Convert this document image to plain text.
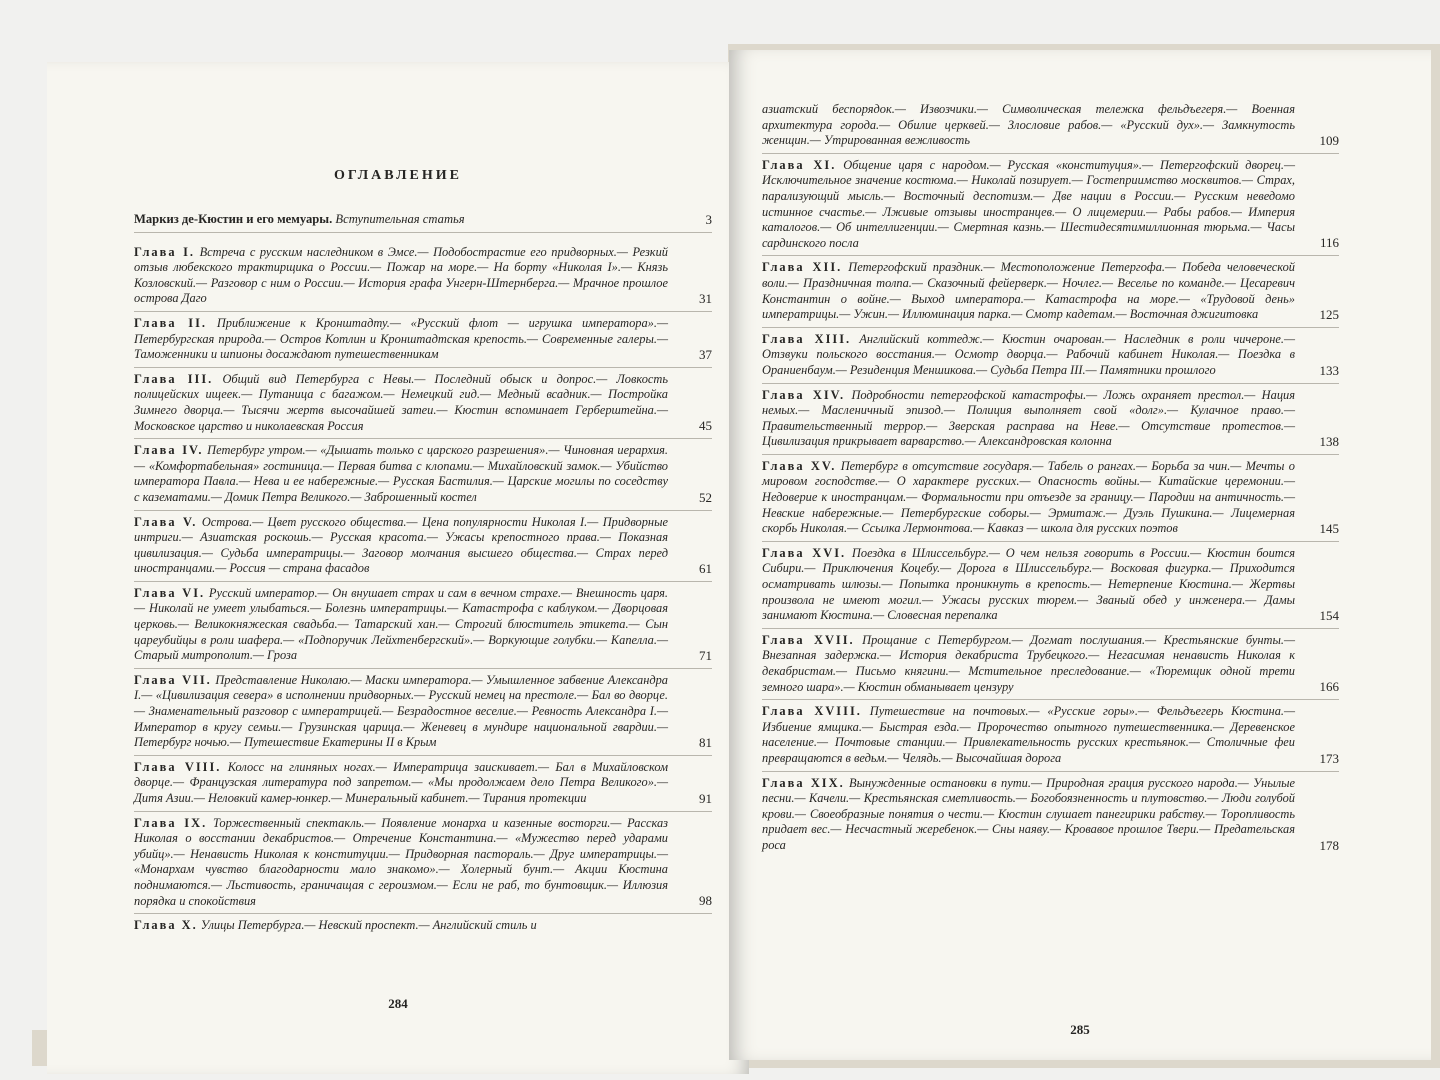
ОГЛАВЛЕНИЕ
Маркиз де-Кюстин и его мемуары. Вступительная статья	3
Глава I. Встреча с русским наследником в Эмсе.— Подобострастие его придворных.— Резкий отзыв любекского трактирщика о России.— Пожар на море.— На борту «Николая I».— Князь Козловский.— Разговор с ним о России.— История графа Унгерн-Штернберга.— Мрачное прошлое острова Даго	31
Глава II. Приближение к Кронштадту.— «Русский флот — игрушка императора».— Петербургская природа.— Остров Котлин и Кронштадтская крепость.— Современные галеры.— Таможенники и шпионы досаждают путешественникам	37
Глава III. Общий вид Петербурга с Невы.— Последний обыск и допрос.— Ловкость полицейских ищеек.— Путаница с багажом.— Немецкий гид.— Медный всадник.— Постройка Зимнего дворца.— Тысячи жертв высочайшей затеи.— Кюстин вспоминает Герберштейна.— Московское царство и николаевская Россия	45
Глава IV. Петербург утром.— «Дышать только с царского разрешения».— Чиновная иерархия.— «Комфортабельная» гостиница.— Первая битва с клопами.— Михайловский замок.— Убийство императора Павла.— Нева и ее набережные.— Русская Бастилия.— Царские могилы по соседству с казематами.— Домик Петра Великого.— Заброшенный костел	52
Глава V. Острова.— Цвет русского общества.— Цена популярности Николая I.— Придворные интриги.— Азиатская роскошь.— Русская красота.— Ужасы крепостного права.— Показная цивилизация.— Судьба императрицы.— Заговор молчания высшего общества.— Страх перед иностранцами.— Россия — страна фасадов	61
Глава VI. Русский император.— Он внушает страх и сам в вечном страхе.— Внешность царя.— Николай не умеет улыбаться.— Болезнь императрицы.— Катастрофа с каблуком.— Дворцовая церковь.— Великокняжеская свадьба.— Татарский хан.— Строгий блюститель этикета.— Сын цареубийцы в роли шафера.— «Подпоручик Лейхтенбергский».— Воркующие голубки.— Капелла.— Старый митрополит.— Гроза	71
Глава VII. Представление Николаю.— Маски императора.— Умышленное забвение Александра I.— «Цивилизация севера» в исполнении придворных.— Русский немец на престоле.— Бал во дворце.— Знаменательный разговор с императрицей.— Безрадостное веселие.— Ревность Александра I.— Император в кругу семьи.— Грузинская царица.— Женевец в мундире национальной гвардии.— Петербург ночью.— Путешествие Екатерины II в Крым	81
Глава VIII. Колосс на глиняных ногах.— Императрица заискивает.— Бал в Михайловском дворце.— Французская литература под запретом.— «Мы продолжаем дело Петра Великого».— Дитя Азии.— Неловкий камер-юнкер.— Минеральный кабинет.— Тирания протекции	91
Глава IX. Торжественный спектакль.— Появление монарха и казенные восторги.— Рассказ Николая о восстании декабристов.— Отречение Константина.— «Мужество перед ударами убийц».— Ненависть Николая к конституции.— Придворная пастораль.— Друг императрицы.— «Монархам чувство благодарности мало знакомо».— Холерный бунт.— Акции Кюстина поднимаются.— Льстивость, граничащая с героизмом.— Если не раб, то бунтовщик.— Иллюзия порядка и спокойствия	98
Глава X. Улицы Петербурга.— Невский проспект.— Английский стиль и
284
азиатский беспорядок.— Извозчики.— Символическая тележка фельдъегеря.— Военная архитектура города.— Обилие церквей.— Злословие рабов.— «Русский дух».— Замкнутость женщин.— Утрированная вежливость	109
Глава XI. Общение царя с народом.— Русская «конституция».— Петергофский дворец.— Исключительное значение костюма.— Николай позирует.— Гостеприимство москвитов.— Страх, парализующий мысль.— Восточный деспотизм.— Две нации в России.— Русским неведомо истинное счастье.— Лживые отзывы иностранцев.— О лицемерии.— Рабы рабов.— Империя каталогов.— Об интеллигенции.— Смертная казнь.— Шестидесятимиллионная тюрьма.— Часы сардинского посла	116
Глава XII. Петергофский праздник.— Местоположение Петергофа.— Победа человеческой воли.— Праздничная толпа.— Сказочный фейерверк.— Ночлег.— Веселье по команде.— Цесаревич Константин о войне.— Выход императора.— Катастрофа на море.— «Трудовой день» императрицы.— Ужин.— Иллюминация парка.— Смотр кадетам.— Восточная джигитовка	125
Глава XIII. Английский коттедж.— Кюстин очарован.— Наследник в роли чичероне.— Отзвуки польского восстания.— Осмотр дворца.— Рабочий кабинет Николая.— Поездка в Ораниенбаум.— Резиденция Меншикова.— Судьба Петра III.— Памятники прошлого	133
Глава XIV. Подробности петергофской катастрофы.— Ложь охраняет престол.— Нация немых.— Масленичный эпизод.— Полиция выполняет свой «долг».— Кулачное право.— Правительственный террор.— Зверская расправа на Неве.— Отсутствие протестов.— Цивилизация прикрывает варварство.— Александровская колонна	138
Глава XV. Петербург в отсутствие государя.— Табель о рангах.— Борьба за чин.— Мечты о мировом господстве.— О характере русских.— Опасность войны.— Китайские церемонии.— Недоверие к иностранцам.— Формальности при отъезде за границу.— Пародии на античность.— Невские набережные.— Петербургские соборы.— Эрмитаж.— Дуэль Пушкина.— Лицемерная скорбь Николая.— Ссылка Лермонтова.— Кавказ — школа для русских поэтов	145
Глава XVI. Поездка в Шлиссельбург.— О чем нельзя говорить в России.— Кюстин боится Сибири.— Приключения Коцебу.— Дорога в Шлиссельбург.— Восковая фигурка.— Приходится осматривать шлюзы.— Попытка проникнуть в крепость.— Нетерпение Кюстина.— Жертвы произвола не имеют могил.— Ужасы русских тюрем.— Званый обед у инженера.— Дамы занимают Кюстина.— Словесная перепалка	154
Глава XVII. Прощание с Петербургом.— Догмат послушания.— Крестьянские бунты.— Внезапная задержка.— История декабриста Трубецкого.— Негасимая ненависть Николая к декабристам.— Письмо княгини.— Мстительное преследование.— «Тюремщик одной трети земного шара».— Кюстин обманывает цензуру	166
Глава XVIII. Путешествие на почтовых.— «Русские горы».— Фельдъегерь Кюстина.— Избиение ямщика.— Быстрая езда.— Пророчество опытного путешественника.— Деревенское население.— Почтовые станции.— Привлекательность русских крестьянок.— Столичные феи превращаются в ведьм.— Челядь.— Высочайшая дорога	173
Глава XIX. Вынужденные остановки в пути.— Природная грация русского народа.— Унылые песни.— Качели.— Крестьянская сметливость.— Богобоязненность и плутовство.— Люди голубой крови.— Своеобразные понятия о чести.— Кюстин слушает панегирики рабству.— Торопливость придает вес.— Несчастный жеребенок.— Сны наяву.— Кровавое прошлое Твери.— Предательская роса	178
285
